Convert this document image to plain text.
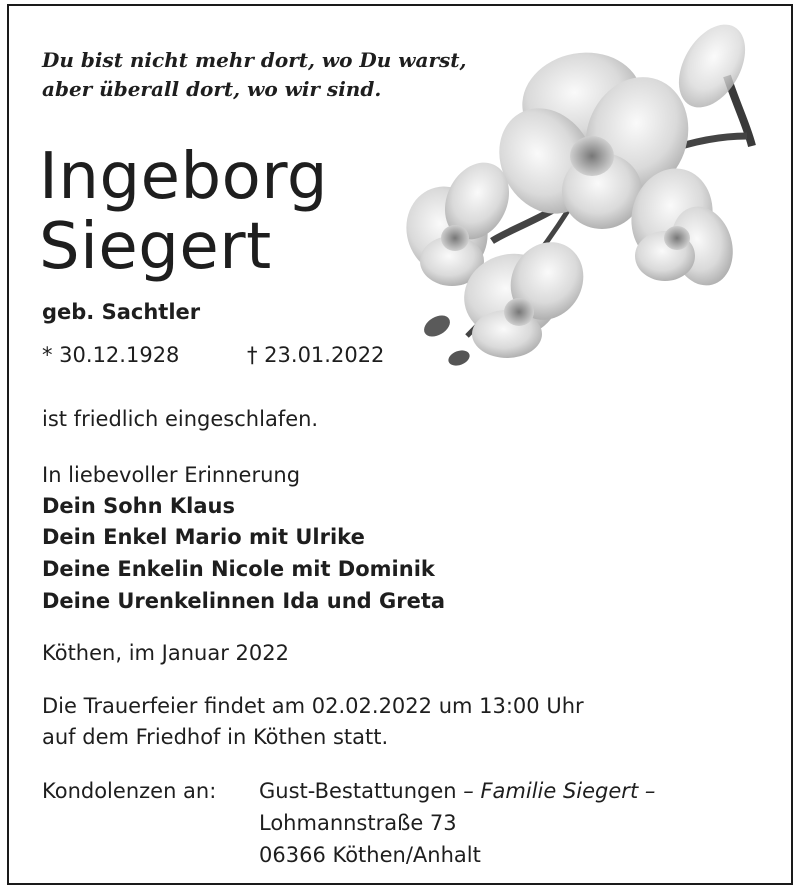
Du bist nicht mehr dort, wo Du warst,
aber überall dort, wo wir sind.
Ingeborg
Siegert
geb. Sachtler
* 30.12.1928	† 23.01.2022
ist friedlich eingeschlafen.
In liebevoller Erinnerung
Dein Sohn Klaus
Dein Enkel Mario mit Ulrike
Deine Enkelin Nicole mit Dominik
Deine Urenkelinnen Ida und Greta
Köthen, im Januar 2022
Die Trauerfeier findet am 02.02.2022 um 13:00 Uhr
auf dem Friedhof in Köthen statt.
Kondolenzen an: Gust-Bestattungen – Familie Siegert –
Lohmannstraße 73
06366 Köthen/Anhalt
